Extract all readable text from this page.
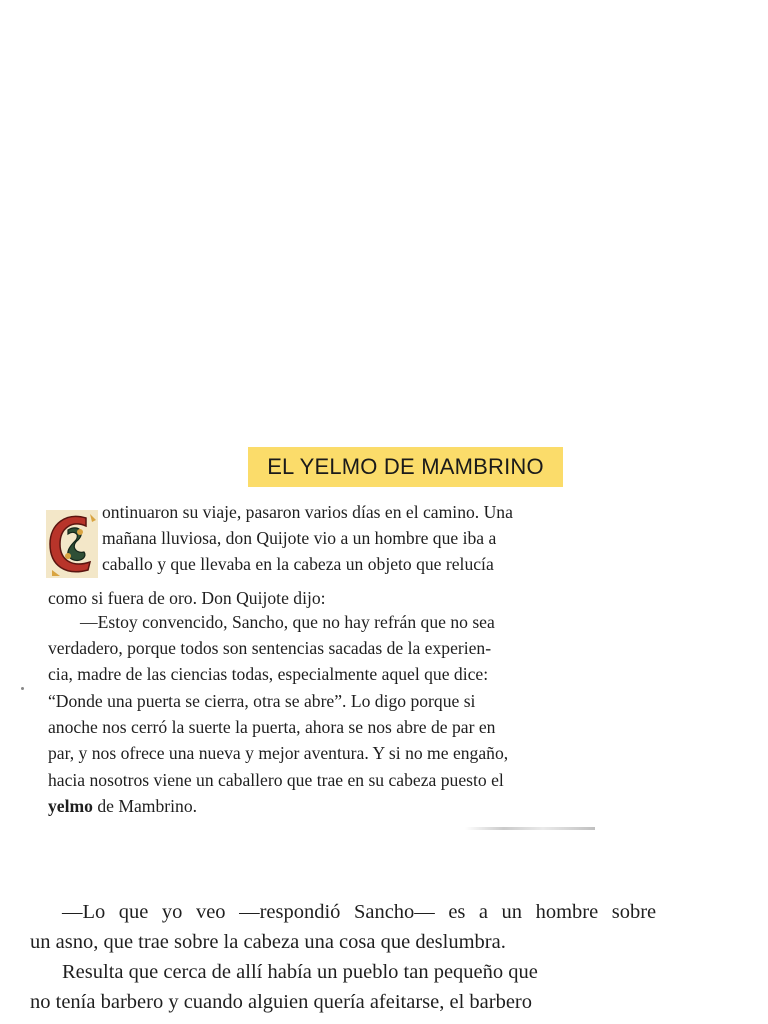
EL YELMO DE MAMBRINO
ontinuaron su viaje, pasaron varios días en el camino. Una
mañana lluviosa, don Quijote vio a un hombre que iba a
caballo y que llevaba en la cabeza un objeto que relucía
como si fuera de oro. Don Quijote dijo:
—Estoy convencido, Sancho, que no hay refrán que no sea
verdadero, porque todos son sentencias sacadas de la experien-
cia, madre de las ciencias todas, especialmente aquel que dice:
“Donde una puerta se cierra, otra se abre”. Lo digo porque si
anoche nos cerró la suerte la puerta, ahora se nos abre de par en
par, y nos ofrece una nueva y mejor aventura. Y si no me engaño,
hacia nosotros viene un caballero que trae en su cabeza puesto el
yelmo de Mambrino.
—Lo que yo veo —respondió Sancho— es a un hombre sobre
un asno, que trae sobre la cabeza una cosa que deslumbra.
Resulta que cerca de allí había un pueblo tan pequeño que
no tenía barbero y cuando alguien quería afeitarse, el barbero
